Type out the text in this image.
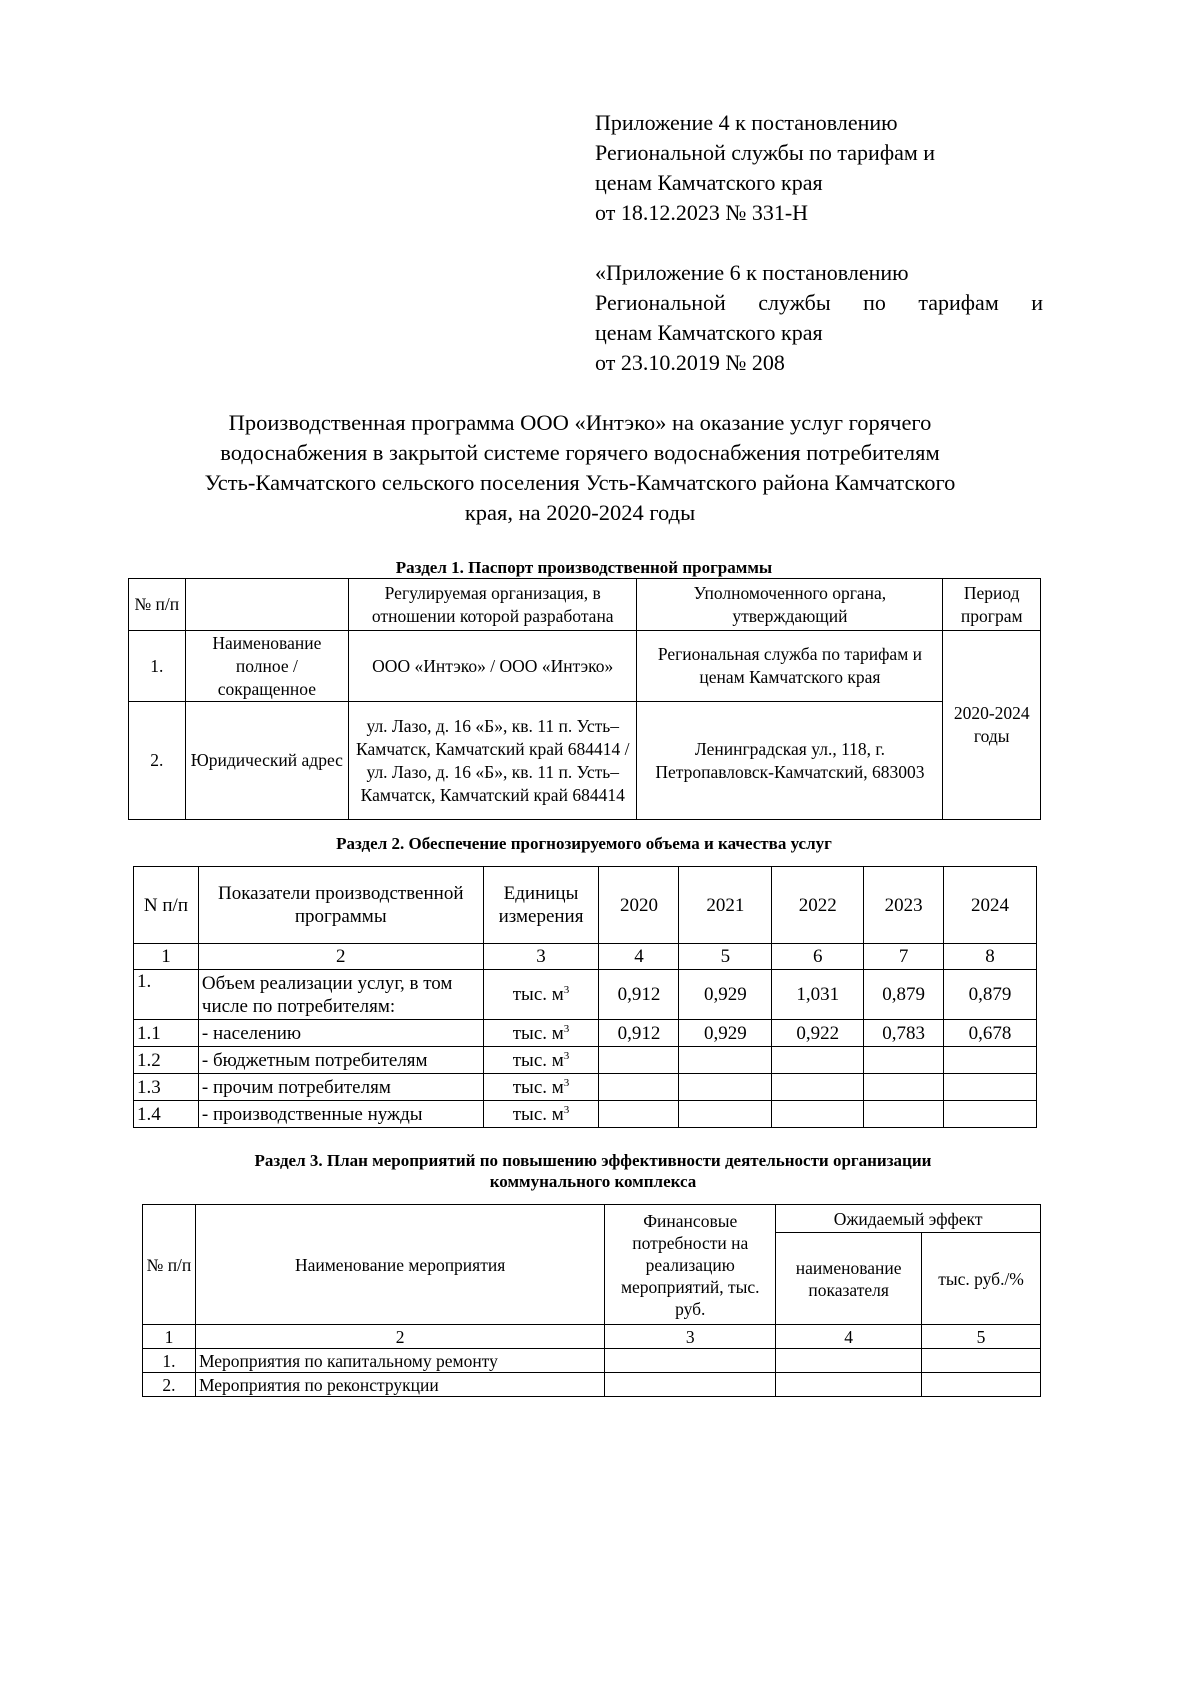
Приложение 4 к постановлению
Региональной службы по тарифам и
ценам Камчатского края
от 18.12.2023 № 331-Н
«Приложение 6 к постановлению
Региональной службы по тарифам и
ценам Камчатского края
от 23.10.2019 № 208
Производственная программа ООО «Интэко» на оказание услуг горячего
водоснабжения в закрытой системе горячего водоснабжения потребителям
Усть-Камчатского сельского поселения Усть-Камчатского района Камчатского
края, на 2020-2024 годы
Раздел 1. Паспорт производственной программы
№ п/п		Регулируемая организация, в отношении которой разработана	Уполномоченного органа, утверждающий	Период програм
1.	Наименование полное / сокращенное	ООО «Интэко» / ООО «Интэко»	Региональная служба по тарифам и ценам Камчатского края	2020-2024 годы
2.	Юридический адрес	ул. Лазо, д. 16 «Б», кв. 11 п. Усть–Камчатск, Камчатский край 684414 / ул. Лазо, д. 16 «Б», кв. 11 п. Усть–Камчатск, Камчатский край 684414	Ленинградская ул., 118, г. Петропавловск-Камчатский, 683003	
Раздел 2. Обеспечение прогнозируемого объема и качества услуг
N п/п	Показатели производственной программы	Единицы измерения	2020	2021	2022	2023	2024
1	2	3	4	5	6	7	8
1.	Объем реализации услуг, в том числе по потребителям:	тыс. $м^3$	0,912	0,929	1,031	0,879	0,879
1.1	- населению	тыс. $м^3$	0,912	0,929	0,922	0,783	0,678
1.2	- бюджетным потребителям	тыс. $м^3$					
1.3	- прочим потребителям	тыс. $м^3$					
1.4	- производственные нужды	тыс. $м^3$					
Раздел 3. План мероприятий по повышению эффективности деятельности организации
коммунального комплекса
№ п/п	Наименование мероприятия	Финансовые потребности на реализацию мероприятий, тыс. руб.	Ожидаемый эффект	
			наименование показателя	тыс. руб./%
1	2	3	4	5
1.	Мероприятия по капитальному ремонту			
2.	Мероприятия по реконструкции			
